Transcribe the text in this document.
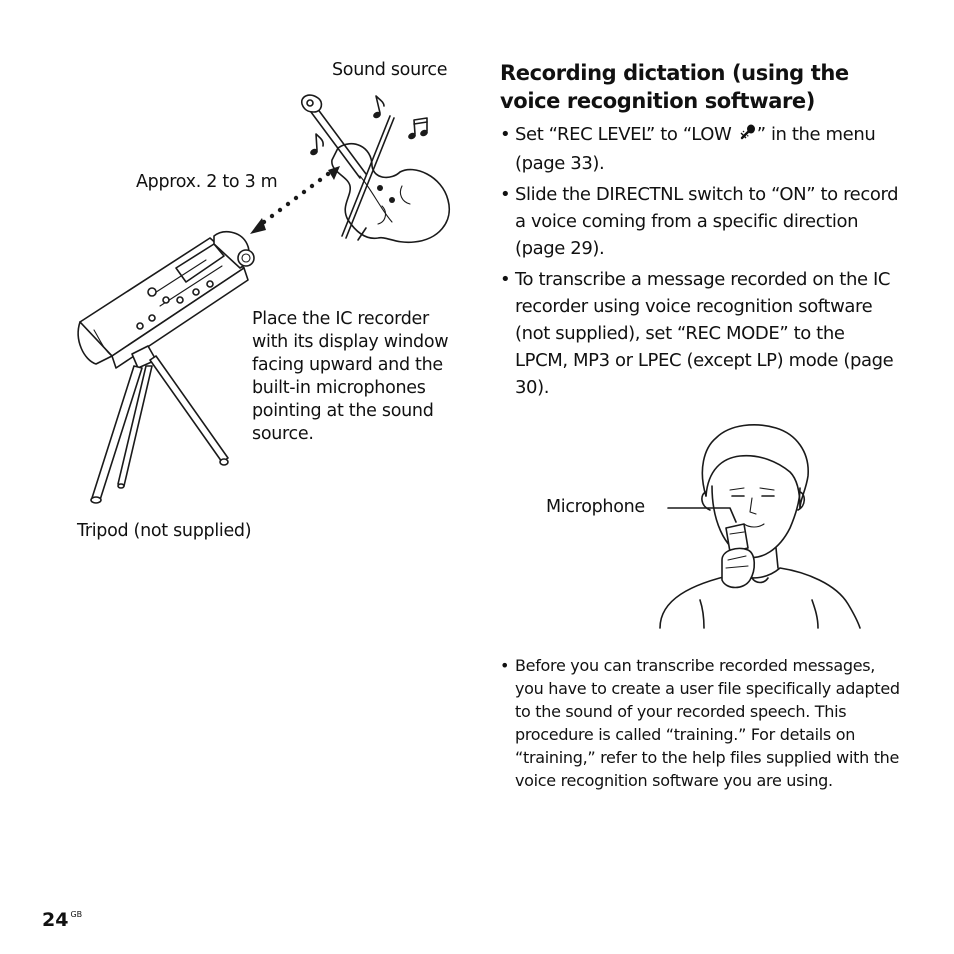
Sound source
Approx. 2 to 3 m
Place the IC recorder with its display window facing upward and the built-in microphones pointing at the sound source.
Tripod (not supplied)
Recording dictation (using the
voice recognition software)
• Set “REC LEVEL” to “LOW ” in the menu (page 33).
• Slide the DIRECTNL switch to “ON” to record a voice coming from a specific direction (page 29).
• To transcribe a message recorded on the IC recorder using voice recognition software (not supplied), set “REC MODE” to the LPCM, MP3 or LPEC (except LP) mode (page 30).
Microphone
• Before you can transcribe recorded messages, you have to create a user file specifically adapted to the sound of your recorded speech. This procedure is called “training.” For details on “training,” refer to the help files supplied with the voice recognition software you are using.
24 $^{GB}$
